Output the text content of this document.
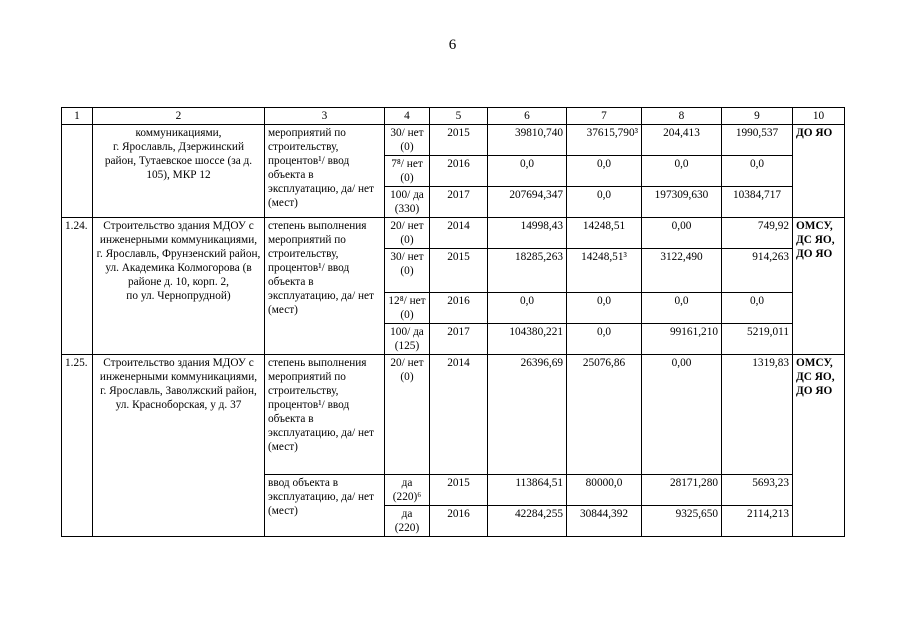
6
1	2	3	4	5	6	7	8	9	10
	коммуникациями,
г. Ярославль, Дзержинский район, Тутаевское шоссе (за д. 105), МКР 12	мероприятий по строительству, процентов¹/ ввод объекта в эксплуатацию, да/ нет (мест)	30/ нет (0)	2015	39810,740	37615,790³	204,413	1990,537	ДО ЯО
			7⁸/ нет (0)	2016	0,0	0,0	0,0	0,0	
			100/ да (330)	2017	207694,347	0,0	197309,630	10384,717	
1.24.	Строительство здания МДОУ с инженерными коммуникациями,
г. Ярославль, Фрунзенский район, ул. Академика Колмогорова (в районе д. 10, корп. 2,
по ул. Чернопрудной)	степень выполнения мероприятий по строительству, процентов¹/ ввод объекта в эксплуатацию, да/ нет (мест)	20/ нет (0)	2014	14998,43	14248,51	0,00	749,92	ОМСУ, ДС ЯО, ДО ЯО
			30/ нет (0)	2015	18285,263	14248,51³	3122,490	914,263	
			12⁸/ нет (0)	2016	0,0	0,0	0,0	0,0	
			100/ да (125)	2017	104380,221	0,0	99161,210	5219,011	
1.25.	Строительство здания МДОУ с инженерными коммуникациями,
г. Ярославль, Заволжский район, ул. Красноборская, у д. 37	степень выполнения мероприятий по строительству, процентов¹/ ввод объекта в эксплуатацию, да/ нет (мест)	20/ нет (0)	2014	26396,69	25076,86	0,00	1319,83	ОМСУ, ДС ЯО, ДО ЯО
		ввод объекта в эксплуатацию, да/ нет (мест)	да (220)⁶	2015	113864,51	80000,0	28171,280	5693,23	
			да (220)	2016	42284,255	30844,392	9325,650	2114,213	
